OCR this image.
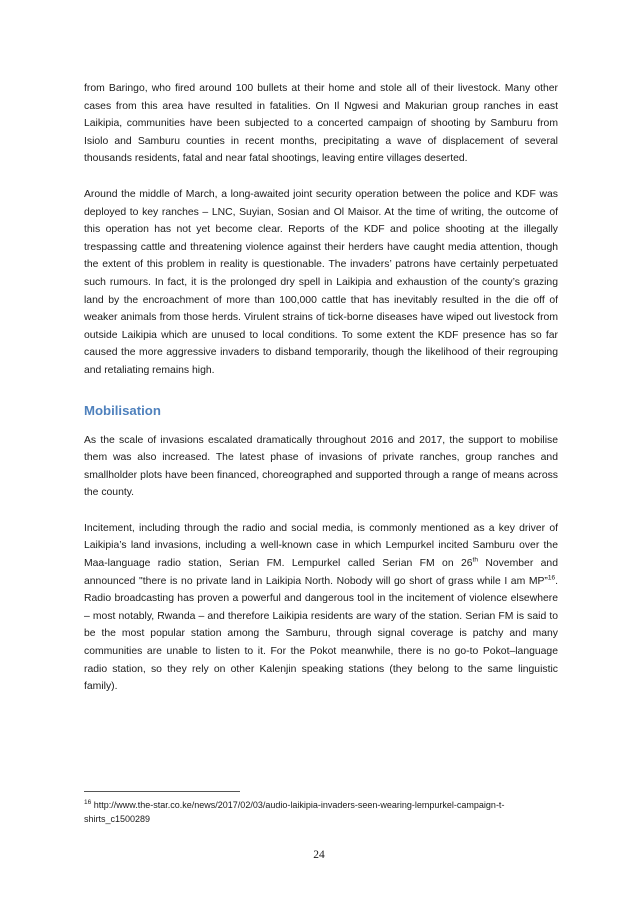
from Baringo, who fired around 100 bullets at their home and stole all of their livestock. Many other cases from this area have resulted in fatalities. On Il Ngwesi and Makurian group ranches in east Laikipia, communities have been subjected to a concerted campaign of shooting by Samburu from Isiolo and Samburu counties in recent months, precipitating a wave of displacement of several thousands residents, fatal and near fatal shootings, leaving entire villages deserted.

Around the middle of March, a long-awaited joint security operation between the police and KDF was deployed to key ranches – LNC, Suyian, Sosian and Ol Maisor. At the time of writing, the outcome of this operation has not yet become clear. Reports of the KDF and police shooting at the illegally trespassing cattle and threatening violence against their herders have caught media attention, though the extent of this problem in reality is questionable. The invaders’ patrons have certainly perpetuated such rumours. In fact, it is the prolonged dry spell in Laikipia and exhaustion of the county’s grazing land by the encroachment of more than 100,000 cattle that has inevitably resulted in the die off of weaker animals from those herds. Virulent strains of tick-borne diseases have wiped out livestock from outside Laikipia which are unused to local conditions. To some extent the KDF presence has so far caused the more aggressive invaders to disband temporarily, though the likelihood of their regrouping and retaliating remains high.

Mobilisation

As the scale of invasions escalated dramatically throughout 2016 and 2017, the support to mobilise them was also increased. The latest phase of invasions of private ranches, group ranches and smallholder plots have been financed, choreographed and supported through a range of means across the county.

Incitement, including through the radio and social media, is commonly mentioned as a key driver of Laikipia’s land invasions, including a well-known case in which Lempurkel incited Samburu over the Maa-language radio station, Serian FM. Lempurkel called Serian FM on 26th November and announced "there is no private land in Laikipia North. Nobody will go short of grass while I am MP”$^{16}$. Radio broadcasting has proven a powerful and dangerous tool in the incitement of violence elsewhere – most notably, Rwanda – and therefore Laikipia residents are wary of the station. Serian FM is said to be the most popular station among the Samburu, through signal coverage is patchy and many communities are unable to listen to it. For the Pokot meanwhile, there is no go-to Pokot–language radio station, so they rely on other Kalenjin speaking stations (they belong to the same linguistic family).

$^{16}$ http://www.the-star.co.ke/news/2017/02/03/audio-laikipia-invaders-seen-wearing-lempurkel-campaign-t-shirts_c1500289
24
